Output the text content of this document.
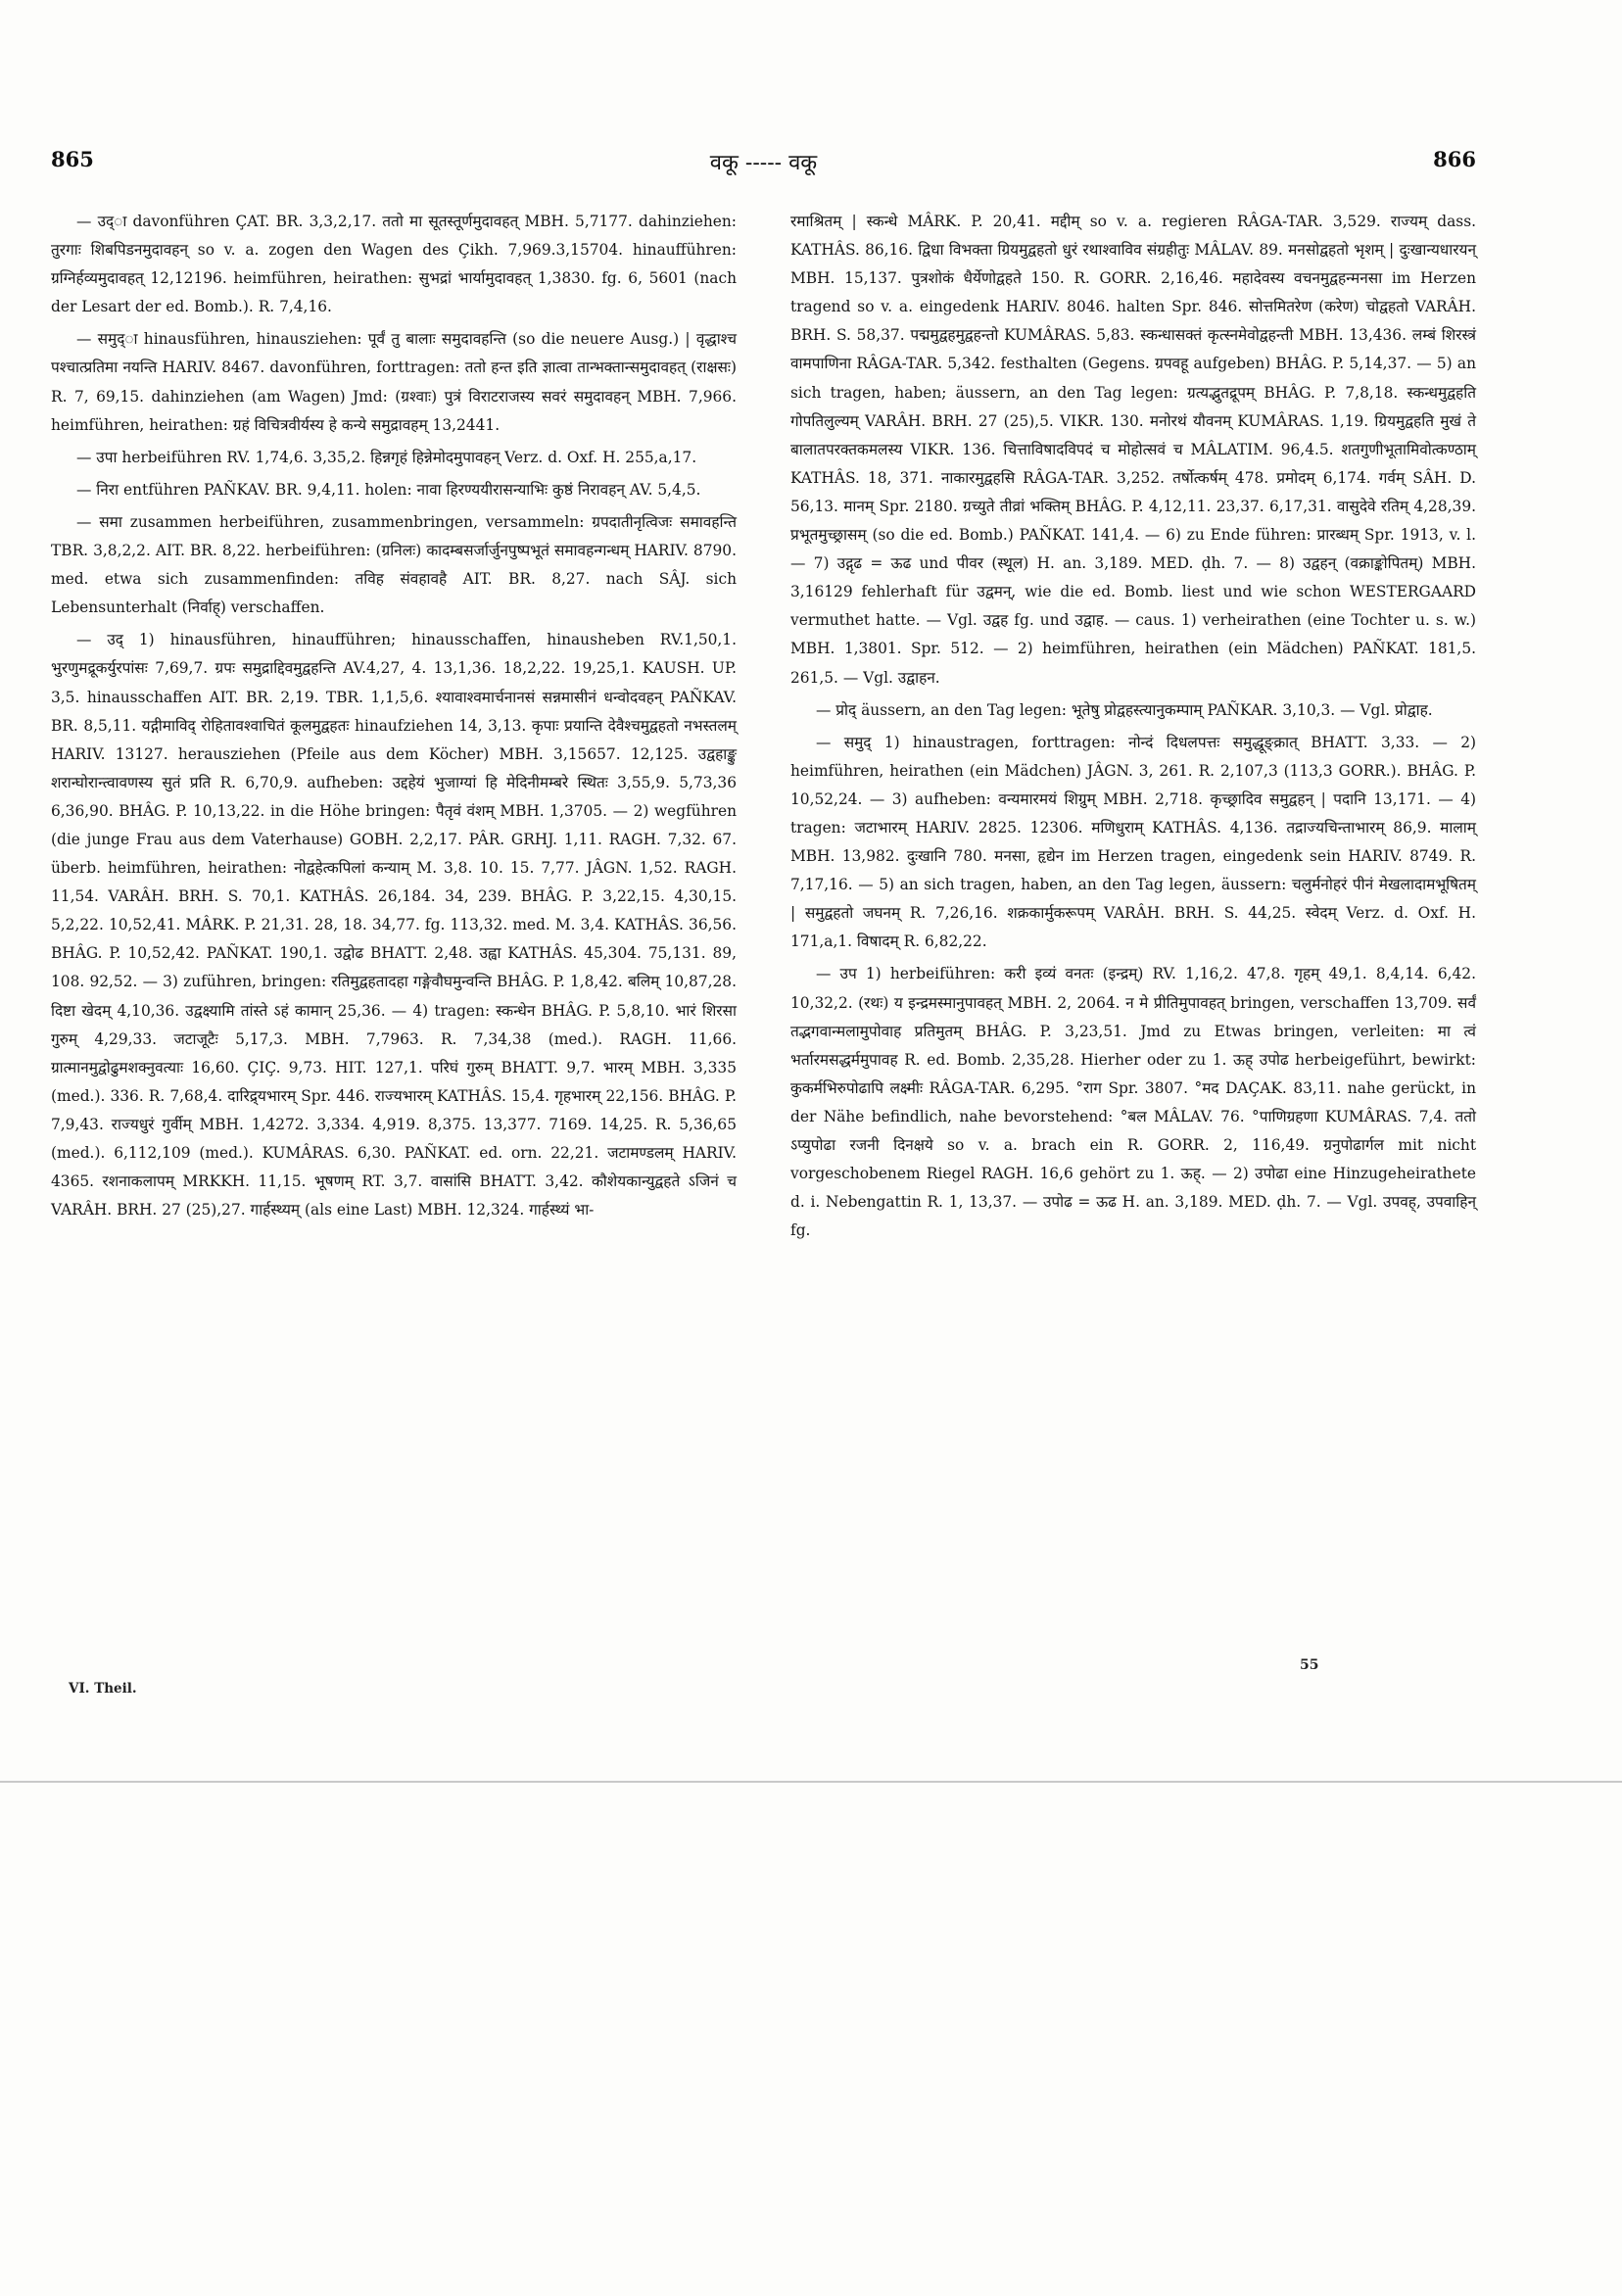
865	वकू ----- वकू	866

— उद्ा davonführen ÇAT. BR. 3,3,2,17. ततो मा सूतस्तूर्णमुदावहत् MBH. 5,7177. dahinziehen: तुरगाः शिबपिडनमुदावहन् so v. a. zogen den Wagen des Çikh. 7,969.3,15704. hinaufführen: ग्रग्निर्हव्यमुदावहत् 12,12196. heimführen, heirathen: सुभद्रां भार्यामुदावहत् 1,3830. fg. 6, 5601 (nach der Lesart der ed. Bomb.). R. 7,4,16.

— समुद्ा hinausführen, hinausziehen: पूर्वं तु बालाः समुदावहन्ति (so die neuere Ausg.) | वृद्धाश्च पश्चात्प्रतिमा नयन्ति HARIV. 8467. davonführen, forttragen: ततो हन्त इति ज्ञात्वा तान्भक्तान्समुदावहत् (राक्षसः) R. 7, 69,15. dahinziehen (am Wagen) Jmd: (ग्रश्वाः) पुत्रं विराटराजस्य सवरं समुदावहन् MBH. 7,966. heimführen, heirathen: ग्रहं विचित्रवीर्यस्य हे कन्ये समुद्रावहम् 13,2441.

— उपा herbeiführen RV. 1,74,6. 3,35,2. हिन्नगृहं हिन्नेमोदमुपावहन् Verz. d. Oxf. H. 255,a,17.

— निरा entführen PAÑKAV. BR. 9,4,11. holen: नावा हिरण्ययीरासन्याभिः कुष्ठं निरावहन् AV. 5,4,5.

— समा zusammen herbeiführen, zusammenbringen, versammeln: ग्रपदातीनृत्विजः समावहन्ति TBR. 3,8,2,2. AIT. BR. 8,22. herbeiführen: (ग्रनिलः) कादम्बसर्जार्जुनपुष्पभूतं समावहन्गन्धम् HARIV. 8790. med. etwa sich zusammenfinden: तविह संवहावहै AIT. BR. 8,27. nach SÂJ. sich Lebensunterhalt (निर्वाह्) verschaffen.

— उद् 1) hinausführen, hinaufführen; hinausschaffen, hinausheben RV.1,50,1. भुरणुमद्रूकर्युरपांसः 7,69,7. ग्रपः समुद्राद्दिवमुद्वहन्ति AV.4,27, 4. 13,1,36. 18,2,22. 19,25,1. KAUSH. UP. 3,5. hinausschaffen AIT. BR. 2,19. TBR. 1,1,5,6. श्यावाश्वमार्चनानसं सन्नमासीनं धन्वोदवहन् PAÑKAV. BR. 8,5,11. यद्गीमाविद् रोहितावश्वाचितं कूलमुद्वहतः hinaufziehen 14, 3,13. कृपाः प्रयान्ति देवैश्चमुद्वहतो नभस्तलम् HARIV. 13127. herausziehen (Pfeile aus dem Köcher) MBH. 3,15657. 12,125. उद्वहाङ्कु शरान्घोरान्त्वावणस्य सुतं प्रति R. 6,70,9. aufheben: उद्दहेयं भुजाग्यां हि मेदिनीमम्बरे स्थितः 3,55,9. 5,73,36 6,36,90. BHÂG. P. 10,13,22. in die Höhe bringen: पैतृवं वंशम् MBH. 1,3705. — 2) wegführen (die junge Frau aus dem Vaterhause) GOBH. 2,2,17. PÂR. GRHJ. 1,11. RAGH. 7,32. 67. überb. heimführen, heirathen: नोद्वहेत्कपिलां कन्याम् M. 3,8. 10. 15. 7,77. JÂGN. 1,52. RAGH. 11,54. VARÂH. BRH. S. 70,1. KATHÂS. 26,184. 34, 239. BHÂG. P. 3,22,15. 4,30,15. 5,2,22. 10,52,41. MÂRK. P. 21,31. 28, 18. 34,77. fg. 113,32. med. M. 3,4. KATHÂS. 36,56. BHÂG. P. 10,52,42. PAÑKAT. 190,1. उद्वोढ BHATT. 2,48. उह्वा KATHÂS. 45,304. 75,131. 89, 108. 92,52. — 3) zuführen, bringen: रतिमुद्वहतादहा गङ्गेवौघमुन्वन्ति BHÂG. P. 1,8,42. बलिम् 10,87,28. दिष्टा खेदम् 4,10,36. उद्वक्ष्यामि तांस्ते ऽहं कामान् 25,36. — 4) tragen: स्कन्धेन BHÂG. P. 5,8,10. भारं शिरसा गुरुम् 4,29,33. जटाजूटैः 5,17,3. MBH. 7,7963. R. 7,34,38 (med.). RAGH. 11,66. ग्रात्मानमुद्वोढुमशक्नुवत्याः 16,60. ÇIÇ. 9,73. HIT. 127,1. परिघं गुरुम् BHATT. 9,7. भारम् MBH. 3,335 (med.). 336. R. 7,68,4. दारिद्र्यभारम् Spr. 446. राज्यभारम् KATHÂS. 15,4. गृहभारम् 22,156. BHÂG. P. 7,9,43. राज्यधुरं गुर्वीम् MBH. 1,4272. 3,334. 4,919. 8,375. 13,377. 7169. 14,25. R. 5,36,65 (med.). 6,112,109 (med.). KUMÂRAS. 6,30. PAÑKAT. ed. orn. 22,21. जटामण्डलम् HARIV. 4365. रशनाकलापम् MRKKH. 11,15. भूषणम् RT. 3,7. वासांसि BHATT. 3,42. कौशेयकान्युद्वहते ऽजिनं च VARÂH. BRH. 27 (25),27. गार्हस्थ्यम् (als eine Last) MBH. 12,324. गार्हस्थ्यं भा-

रमाश्रितम् | स्कन्धे MÂRK. P. 20,41. मद्दीम् so v. a. regieren RÂGA-TAR. 3,529. राज्यम् dass. KATHÂS. 86,16. द्विधा विभक्ता ग्रियमुद्वहतो धुरं रथाश्वाविव संग्रहीतुः MÂLAV. 89. मनसोद्वहतो भृशम् | दुःखान्यधारयन् MBH. 15,137. पुत्रशोकं धैर्येणोद्वहते 150. R. GORR. 2,16,46. महादेवस्य वचनमुद्वहन्मनसा im Herzen tragend so v. a. eingedenk HARIV. 8046. halten Spr. 846. सोत्तमितरेण (करेण) चोद्वहतो VARÂH. BRH. S. 58,37. पद्ममुद्वहमुद्वहन्तो KUMÂRAS. 5,83. स्कन्धासक्तं कृत्स्नमेवोद्वहन्ती MBH. 13,436. लम्बं शिरस्त्रं वामपाणिना RÂGA-TAR. 5,342. festhalten (Gegens. ग्रपवहू aufgeben) BHÂG. P. 5,14,37. — 5) an sich tragen, haben; äussern, an den Tag legen: ग्रत्यद्भुतद्रूपम् BHÂG. P. 7,8,18. स्कन्धमुद्वहति गोपतिलुल्यम् VARÂH. BRH. 27 (25),5. VIKR. 130. मनोरथं यौवनम् KUMÂRAS. 1,19. ग्रियमुद्वहति मुखं ते बालातपरक्तकमलस्य VIKR. 136. चित्ताविषादविपदं च मोहोत्सवं च MÂLATIM. 96,4.5. शतगुणीभूतामिवोत्कण्ठाम् KATHÂS. 18, 371. नाकारमुद्वहसि RÂGA-TAR. 3,252. तर्षोत्कर्षम् 478. प्रमोदम् 6,174. गर्वम् SÂH. D. 56,13. मानम् Spr. 2180. ग्रच्युते तीव्रां भक्तिम् BHÂG. P. 4,12,11. 23,37. 6,17,31. वासुदेवे रतिम् 4,28,39. प्रभूतमुच्छ्रासम् (so die ed. Bomb.) PAÑKAT. 141,4. — 6) zu Ende führen: प्रारब्धम् Spr. 1913, v. l. — 7) उद्गृढ = ऊढ und पीवर (स्थूल) H. an. 3,189. MED. ḍh. 7. — 8) उद्वहन् (वक्राङ्कोपितम्) MBH. 3,16129 fehlerhaft für उद्वमन्, wie die ed. Bomb. liest und wie schon WESTERGAARD vermuthet hatte. — Vgl. उद्वह fg. und उद्वाह. — caus. 1) verheirathen (eine Tochter u. s. w.) MBH. 1,3801. Spr. 512. — 2) heimführen, heirathen (ein Mädchen) PAÑKAT. 181,5. 261,5. — Vgl. उद्वाहन.

— प्रोद् äussern, an den Tag legen: भूतेषु प्रोद्वहस्त्यानुकम्पाम् PAÑKAR. 3,10,3. — Vgl. प्रोद्वाह.

— समुद् 1) hinaustragen, forttragen: नोन्दं दिधलपत्तः समुद्धूङ्क्रात् BHATT. 3,33. — 2) heimführen, heirathen (ein Mädchen) JÂGN. 3, 261. R. 2,107,3 (113,3 GORR.). BHÂG. P. 10,52,24. — 3) aufheben: वन्यमारमयं शिग्रुम् MBH. 2,718. कृच्छ्रादिव समुद्वहन् | पदानि 13,171. — 4) tragen: जटाभारम् HARIV. 2825. 12306. मणिधुराम् KATHÂS. 4,136. तद्राज्यचिन्ताभारम् 86,9. मालाम् MBH. 13,982. दुःखानि 780. मनसा, हृद्येन im Herzen tragen, eingedenk sein HARIV. 8749. R. 7,17,16. — 5) an sich tragen, haben, an den Tag legen, äussern: चलुर्मनोहरं पीनं मेखलादामभूषितम् | समुद्वहतो जघनम् R. 7,26,16. शक्रकार्मुकरूपम् VARÂH. BRH. S. 44,25. स्वेदम् Verz. d. Oxf. H. 171,a,1. विषादम् R. 6,82,22.

— उप 1) herbeiführen: करी इव्यं वनतः (इन्द्रम्) RV. 1,16,2. 47,8. गृहम् 49,1. 8,4,14. 6,42. 10,32,2. (रथः) य इन्द्रमस्मानुपावहत् MBH. 2, 2064. न मे प्रीतिमुपावहत् bringen, verschaffen 13,709. सर्वं तद्भगवान्मलामुपोवाह प्रतिमुतम् BHÂG. P. 3,23,51. Jmd zu Etwas bringen, verleiten: मा त्वं भर्तारमसद्धर्ममुपावह R. ed. Bomb. 2,35,28. Hierher oder zu 1. ऊह् उपोढ herbeigeführt, bewirkt: कुकर्मभिरुपोढापि लक्ष्मीः RÂGA-TAR. 6,295. °राग Spr. 3807. °मद DAÇAK. 83,11. nahe gerückt, in der Nähe befindlich, nahe bevorstehend: °बल MÂLAV. 76. °पाणिग्रहणा KUMÂRAS. 7,4. ततो ऽप्युपोढा रजनी दिनक्षये so v. a. brach ein R. GORR. 2, 116,49. ग्रनुपोढार्गल mit nicht vorgeschobenem Riegel RAGH. 16,6 gehört zu 1. ऊह्. — 2) उपोढा eine Hinzugeheirathete d. i. Nebengattin R. 1, 13,37. — उपोढ = ऊढ H. an. 3,189. MED. ḍh. 7. — Vgl. उपवह्, उपवाहिन् fg.

55
VI. Theil.
